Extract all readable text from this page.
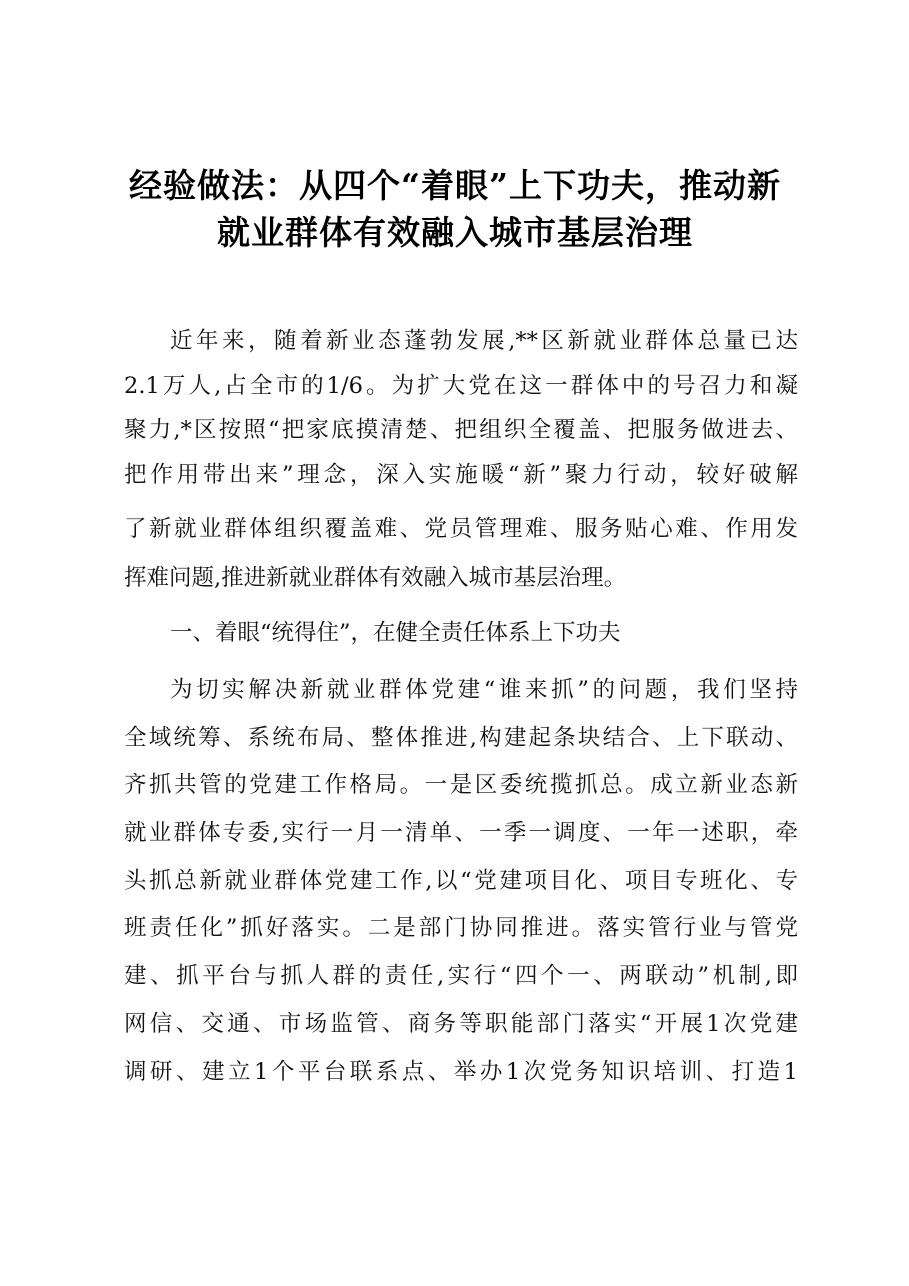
经验做法：从四个“着眼”上下功夫，推动新
就业群体有效融入城市基层治理
近年来，随着新业态蓬勃发展,**区新就业群体总量已达
2.1万人,占全市的1/6。为扩大党在这一群体中的号召力和凝
聚力,*区按照“把家底摸清楚、把组织全覆盖、把服务做进去、
把作用带出来”理念，深入实施暖“新”聚力行动，较好破解
了新就业群体组织覆盖难、党员管理难、服务贴心难、作用发
挥难问题,推进新就业群体有效融入城市基层治理。
一、着眼“统得住”，在健全责任体系上下功夫
为切实解决新就业群体党建“谁来抓”的问题，我们坚持
全域统筹、系统布局、整体推进,构建起条块结合、上下联动、
齐抓共管的党建工作格局。一是区委统揽抓总。成立新业态新
就业群体专委,实行一月一清单、一季一调度、一年一述职，牵
头抓总新就业群体党建工作,以“党建项目化、项目专班化、专
班责任化”抓好落实。二是部门协同推进。落实管行业与管党
建、抓平台与抓人群的责任,实行“四个一、两联动”机制,即
网信、交通、市场监管、商务等职能部门落实“开展1次党建
调研、建立1个平台联系点、举办1次党务知识培训、打造1
